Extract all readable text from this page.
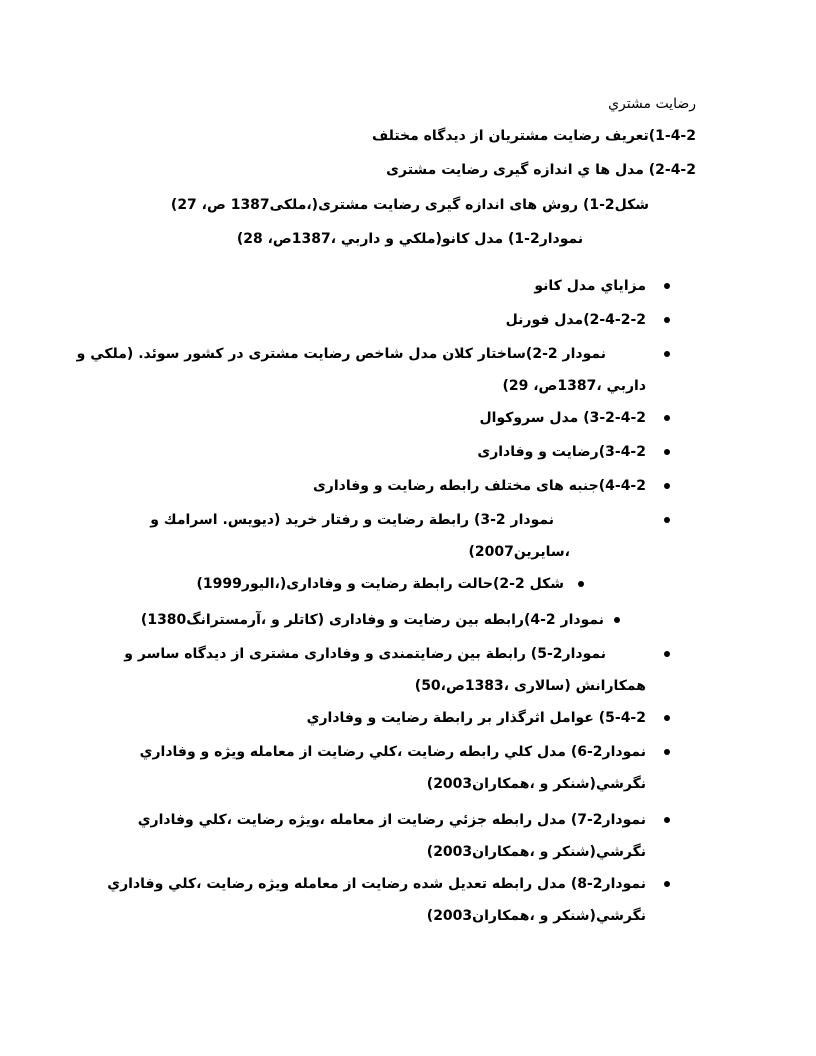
رضايت مشتري
1-4-2)تعریف رضایت مشتریان از دیدگاه مختلف
2-4-2) مدل ها ي اندازه گیری رضایت مشتری
شکل2-1) روش های اندازه گیری رضایت مشتری(،ملکی1387 ص، 27)
نمودار2-1) مدل کانو(ملكي و داربي ،1387ص، 28)
مزاياي مدل كانو
2-4-2-2)مدل فورنل
نمودار 2-2)ساختار کلان مدل شاخص رضایت مشتری در کشور سوئد. (ملكي و
داربي ،1387ص، 29)
3-2-4-2) مدل سروکوال
3-4-2)رضایت و وفاداری
4-4-2)جنبه های مختلف رابطه رضایت و وفاداری
نمودار 2-3) رابطة رضایت و رفتار خرید (دیویس. اسرامك و
،سايرين2007)
شکل 2-2)حالت رابطة رضایت و وفاداری(،اليور1999)
نمودار 2-4)رابطه بین رضایت و وفاداری (کاتلر و ،آرمسترانگ1380)
نمودار2-5) رابطة بین رضایتمندی و وفاداری مشتری از دیدگاه ساسر و
همكارانش (سالاری ،1383ص،50)
5-4-2) عوامل اثرگذار بر رابطة رضايت و وفاداري
نمودار2-6) مدل كلي رابطه رضايت ،كلي رضايت از معامله ويژه و وفاداري
نگرشي(شنكر و ،همكاران2003)
نمودار2-7) مدل رابطه جزئي رضايت از معامله ،ويژه رضايت ،كلي وفاداري
نگرشي(شنكر و ،همكاران2003)
نمودار2-8) مدل رابطه تعديل شده رضايت از معامله ويژه رضايت ،كلي وفاداري
نگرشي(شنكر و ،همكاران2003)
